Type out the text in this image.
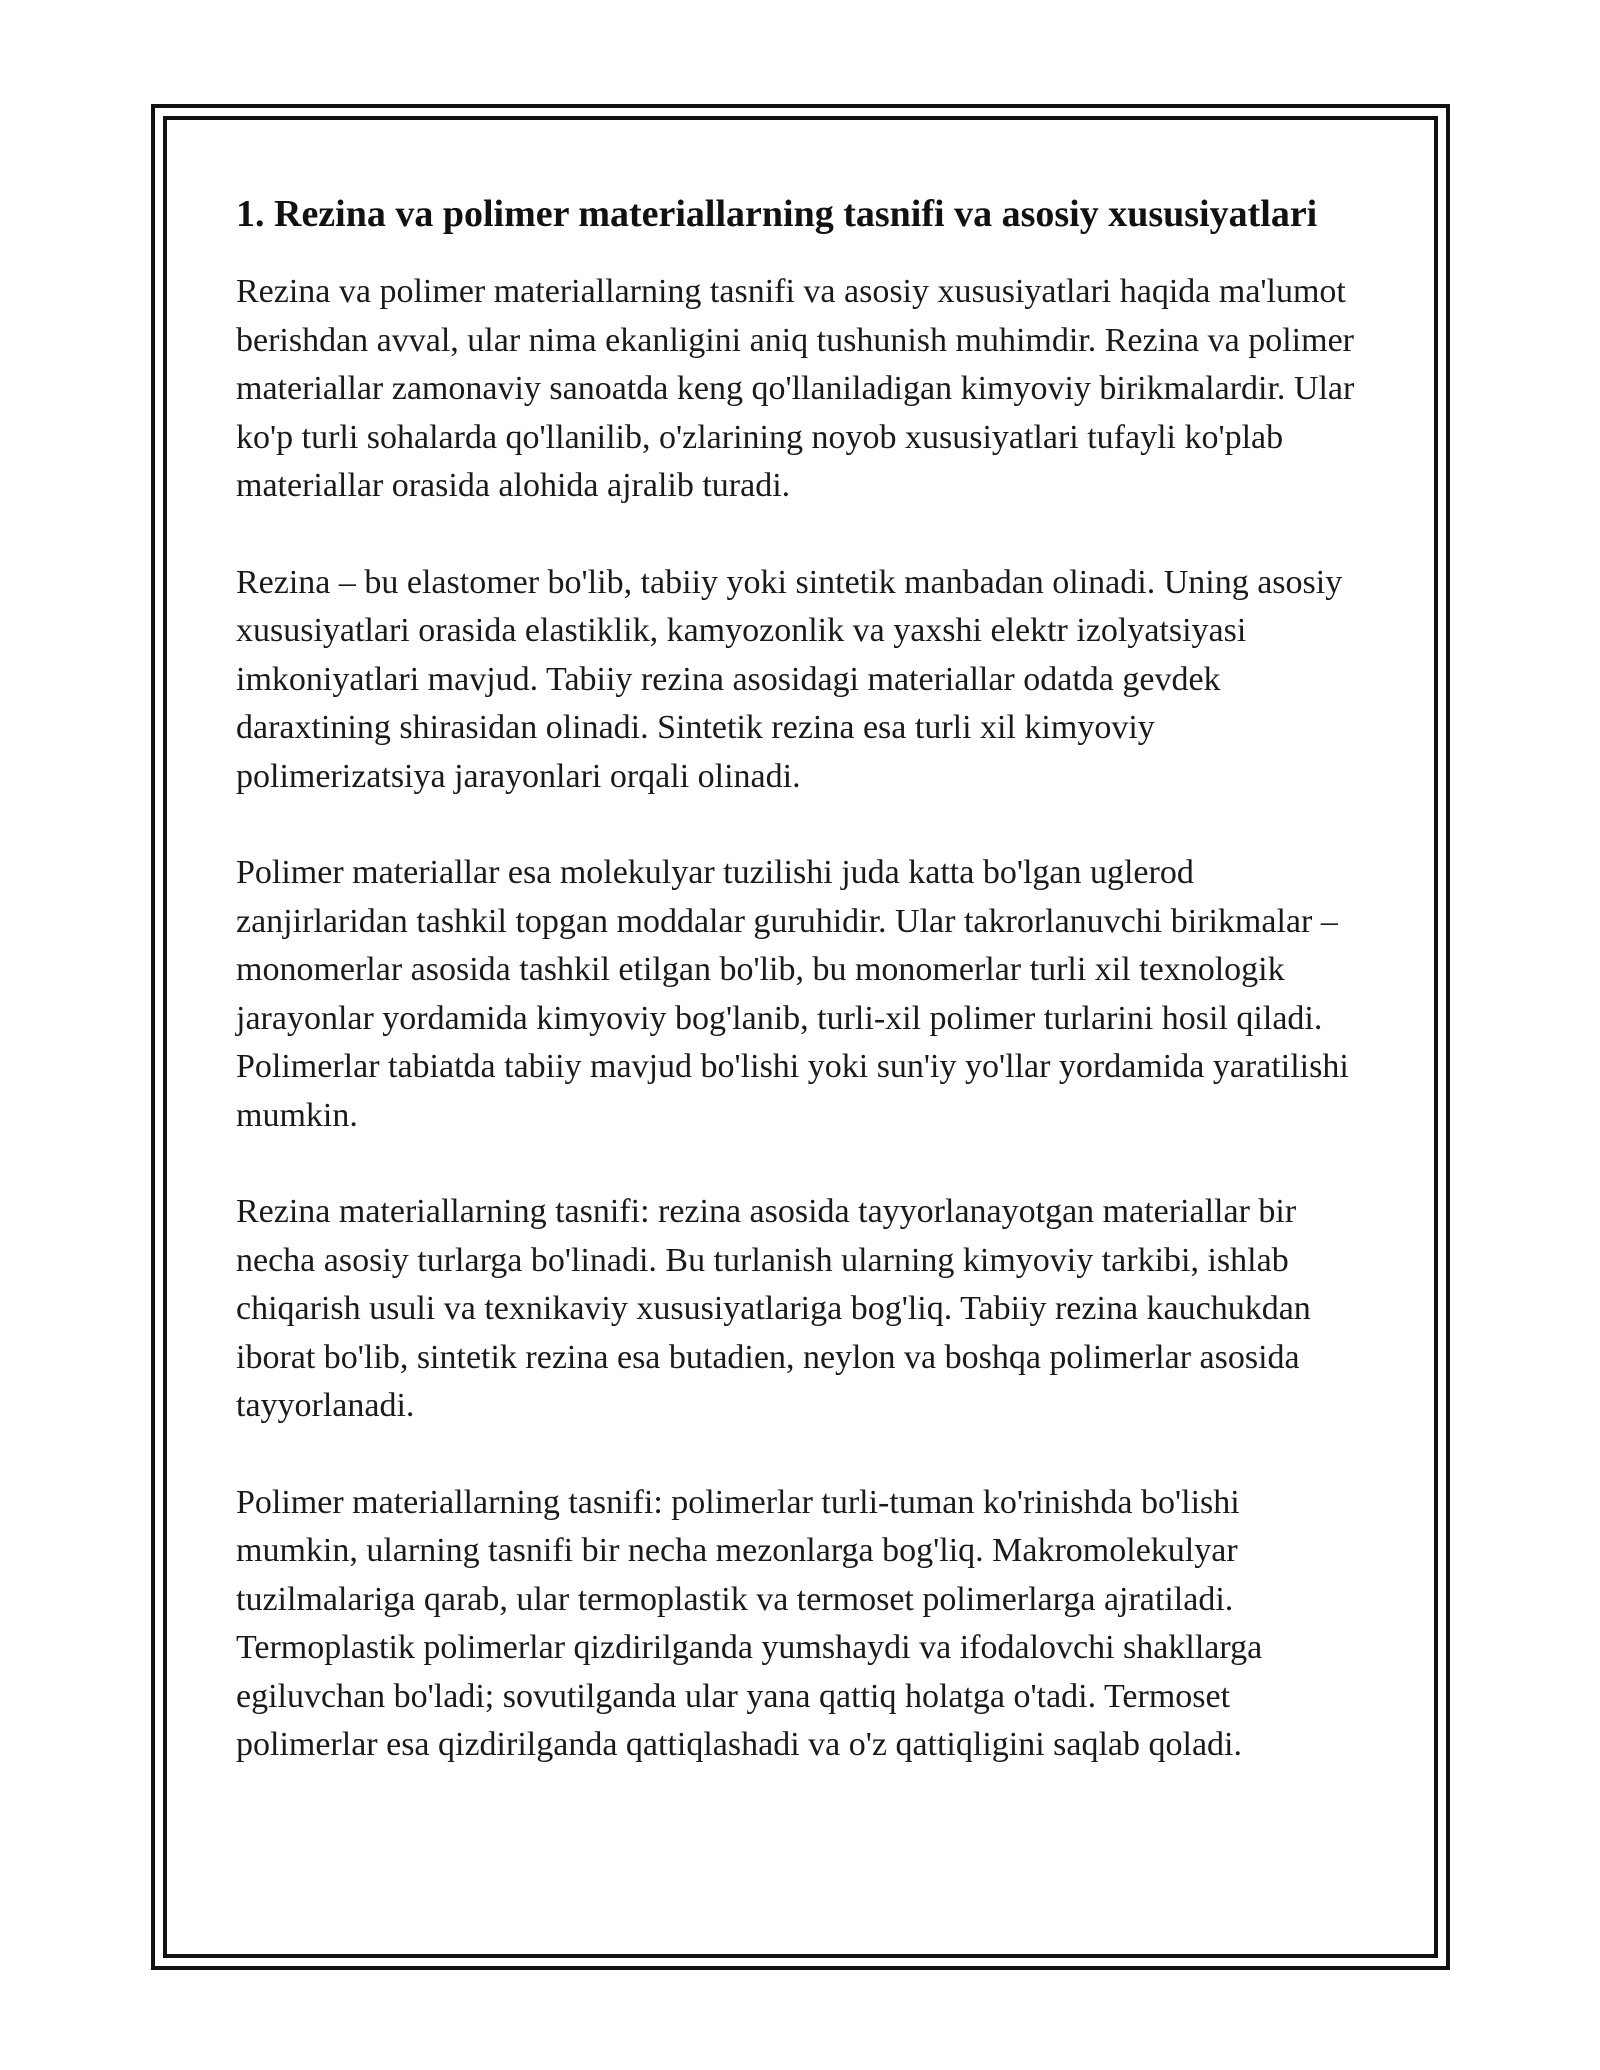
1. Rezina va polimer materiallarning tasnifi va asosiy xususiyatlari

Rezina va polimer materiallarning tasnifi va asosiy xususiyatlari haqida ma'lumot berishdan avval, ular nima ekanligini aniq tushunish muhimdir. Rezina va polimer materiallar zamonaviy sanoatda keng qo'llaniladigan kimyoviy birikmalardir. Ular ko'p turli sohalarda qo'llanilib, o'zlarining noyob xususiyatlari tufayli ko'plab materiallar orasida alohida ajralib turadi.

Rezina – bu elastomer bo'lib, tabiiy yoki sintetik manbadan olinadi. Uning asosiy xususiyatlari orasida elastiklik, kamyozonlik va yaxshi elektr izolyatsiyasi imkoniyatlari mavjud. Tabiiy rezina asosidagi materiallar odatda gevdek daraxtining shirasidan olinadi. Sintetik rezina esa turli xil kimyoviy polimerizatsiya jarayonlari orqali olinadi.

Polimer materiallar esa molekulyar tuzilishi juda katta bo'lgan uglerod zanjirlaridan tashkil topgan moddalar guruhidir. Ular takrorlanuvchi birikmalar – monomerlar asosida tashkil etilgan bo'lib, bu monomerlar turli xil texnologik jarayonlar yordamida kimyoviy bog'lanib, turli-xil polimer turlarini hosil qiladi. Polimerlar tabiatda tabiiy mavjud bo'lishi yoki sun'iy yo'llar yordamida yaratilishi mumkin.

Rezina materiallarning tasnifi: rezina asosida tayyorlanayotgan materiallar bir necha asosiy turlarga bo'linadi. Bu turlanish ularning kimyoviy tarkibi, ishlab chiqarish usuli va texnikaviy xususiyatlariga bog'liq. Tabiiy rezina kauchukdan iborat bo'lib, sintetik rezina esa butadien, neylon va boshqa polimerlar asosida tayyorlanadi.

Polimer materiallarning tasnifi: polimerlar turli-tuman ko'rinishda bo'lishi mumkin, ularning tasnifi bir necha mezonlarga bog'liq. Makromolekulyar tuzilmalariga qarab, ular termoplastik va termoset polimerlarga ajratiladi. Termoplastik polimerlar qizdirilganda yumshaydi va ifodalovchi shakllarga egiluvchan bo'ladi; sovutilganda ular yana qattiq holatga o'tadi. Termoset polimerlar esa qizdirilganda qattiqlashadi va o'z qattiqligini saqlab qoladi.
